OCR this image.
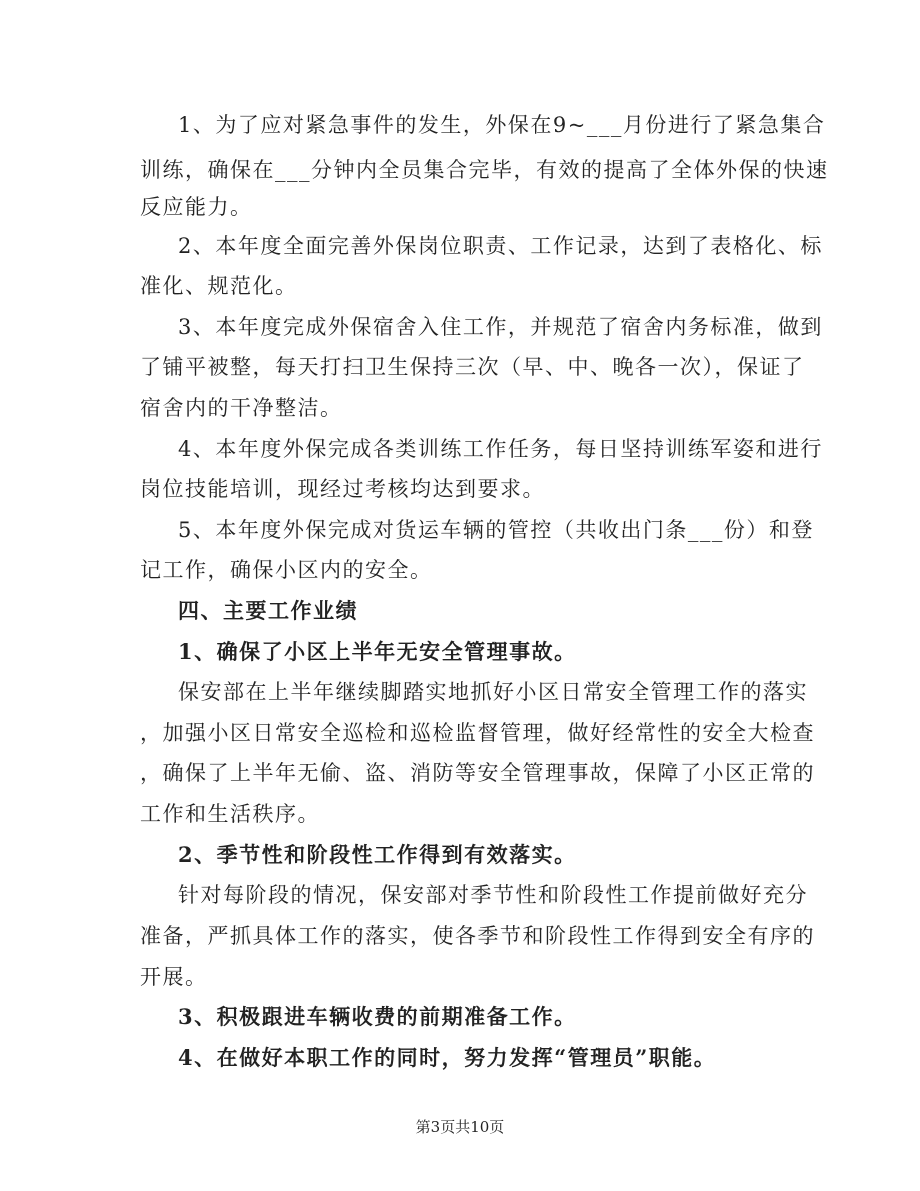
1、为了应对紧急事件的发生，外保在9~___月份进行了紧急集合
训练，确保在___分钟内全员集合完毕，有效的提高了全体外保的快速
反应能力。
2、本年度全面完善外保岗位职责、工作记录，达到了表格化、标
准化、规范化。
3、本年度完成外保宿舍入住工作，并规范了宿舍内务标准，做到
了铺平被整，每天打扫卫生保持三次（早、中、晚各一次），保证了
宿舍内的干净整洁。
4、本年度外保完成各类训练工作任务，每日坚持训练军姿和进行
岗位技能培训，现经过考核均达到要求。
5、本年度外保完成对货运车辆的管控（共收出门条___份）和登
记工作，确保小区内的安全。
四、主要工作业绩
1、确保了小区上半年无安全管理事故。
保安部在上半年继续脚踏实地抓好小区日常安全管理工作的落实
，加强小区日常安全巡检和巡检监督管理，做好经常性的安全大检查
，确保了上半年无偷、盗、消防等安全管理事故，保障了小区正常的
工作和生活秩序。
2、季节性和阶段性工作得到有效落实。
针对每阶段的情况，保安部对季节性和阶段性工作提前做好充分
准备，严抓具体工作的落实，使各季节和阶段性工作得到安全有序的
开展。
3、积极跟进车辆收费的前期准备工作。
4、在做好本职工作的同时，努力发挥“管理员”职能。
第3页共10页
